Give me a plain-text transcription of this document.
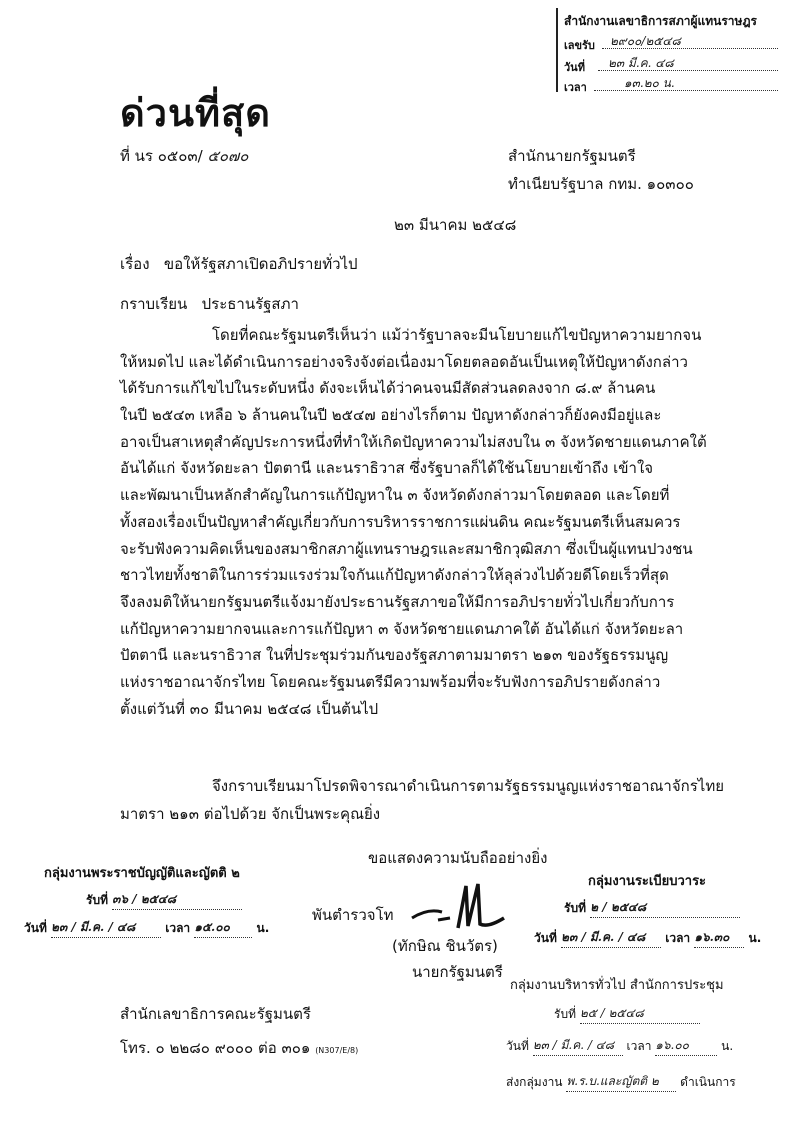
สำนักงานเลขาธิการสภาผู้แทนราษฎร
เลขรับ ๒๙๐๐/๒๕๔๘
วันที่ ๒๓ มี.ค. ๔๘
เวลา	๑๓.๒๐ น.
ด่วนที่สุด
ที่ นร ๐๕๐๓/ ๕๐๗๐	สำนักนายกรัฐมนตรี
ทำเนียบรัฐบาล กทม. ๑๐๓๐๐
๒๓ มีนาคม ๒๕๔๘
เรื่อง ขอให้รัฐสภาเปิดอภิปรายทั่วไป
กราบเรียน ประธานรัฐสภา
โดยที่คณะรัฐมนตรีเห็นว่า แม้ว่ารัฐบาลจะมีนโยบายแก้ไขปัญหาความยากจน
ให้หมดไป และได้ดำเนินการอย่างจริงจังต่อเนื่องมาโดยตลอดอันเป็นเหตุให้ปัญหาดังกล่าว
ได้รับการแก้ไขไปในระดับหนึ่ง ดังจะเห็นได้ว่าคนจนมีสัดส่วนลดลงจาก ๘.๙ ล้านคน
ในปี ๒๕๔๓ เหลือ ๖ ล้านคนในปี ๒๕๔๗ อย่างไรก็ตาม ปัญหาดังกล่าวก็ยังคงมีอยู่และ
อาจเป็นสาเหตุสำคัญประการหนึ่งที่ทำให้เกิดปัญหาความไม่สงบใน ๓ จังหวัดชายแดนภาคใต้
อันได้แก่ จังหวัดยะลา ปัตตานี และนราธิวาส ซึ่งรัฐบาลก็ได้ใช้นโยบายเข้าถึง เข้าใจ
และพัฒนาเป็นหลักสำคัญในการแก้ปัญหาใน ๓ จังหวัดดังกล่าวมาโดยตลอด และโดยที่
ทั้งสองเรื่องเป็นปัญหาสำคัญเกี่ยวกับการบริหารราชการแผ่นดิน คณะรัฐมนตรีเห็นสมควร
จะรับฟังความคิดเห็นของสมาชิกสภาผู้แทนราษฎรและสมาชิกวุฒิสภา ซึ่งเป็นผู้แทนปวงชน
ชาวไทยทั้งชาติในการร่วมแรงร่วมใจกันแก้ปัญหาดังกล่าวให้ลุล่วงไปด้วยดีโดยเร็วที่สุด
จึงลงมติให้นายกรัฐมนตรีแจ้งมายังประธานรัฐสภาขอให้มีการอภิปรายทั่วไปเกี่ยวกับการ
แก้ปัญหาความยากจนและการแก้ปัญหา ๓ จังหวัดชายแดนภาคใต้ อันได้แก่ จังหวัดยะลา
ปัตตานี และนราธิวาส ในที่ประชุมร่วมกันของรัฐสภาตามมาตรา ๒๑๓ ของรัฐธรรมนูญ
แห่งราชอาณาจักรไทย โดยคณะรัฐมนตรีมีความพร้อมที่จะรับฟังการอภิปรายดังกล่าว
ตั้งแต่วันที่ ๓๐ มีนาคม ๒๕๔๘ เป็นต้นไป
จึงกราบเรียนมาโปรดพิจารณาดำเนินการตามรัฐธรรมนูญแห่งราชอาณาจักรไทย
มาตรา ๒๑๓ ต่อไปด้วย จักเป็นพระคุณยิ่ง
ขอแสดงความนับถืออย่างยิ่ง
พันตำรวจโท
(ทักษิณ ชินวัตร)
นายกรัฐมนตรี
กลุ่มงานพระราชบัญญัติและญัตติ ๒
รับที่ ๓๖ / ๒๕๔๘
วันที่ ๒๓ / มี.ค. / ๔๘ เวลา ๑๕.๐๐ น.
กลุ่มงานระเบียบวาระ
รับที่ ๒ / ๒๕๔๘
วันที่ ๒๓ / มี.ค. / ๔๘ เวลา ๑๖.๓๐ น.
สำนักเลขาธิการคณะรัฐมนตรี
โทร. ๐ ๒๒๘๐ ๙๐๐๐ ต่อ ๓๐๑ (N307/E/8)
กลุ่มงานบริหารทั่วไป สำนักการประชุม
รับที่ ๒๕ / ๒๕๔๘
วันที่ ๒๓ / มี.ค. / ๔๘ เวลา ๑๖.๐๐	น.
ส่งกลุ่มงาน พ.ร.บ.และญัตติ ๒ ดำเนินการ
